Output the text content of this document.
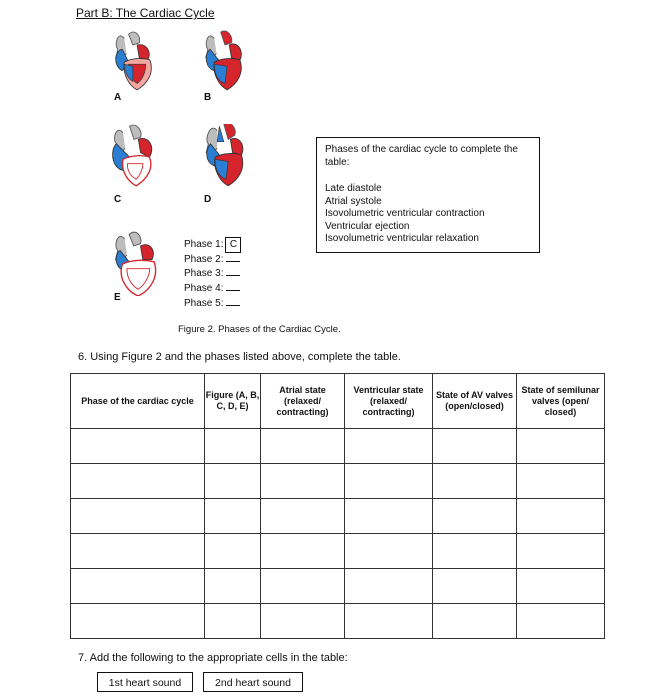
Part B: The Cardiac Cycle
A	B
C	D
E
Phase 1: C
Phase 2:
Phase 3:
Phase 4:
Phase 5:
Phases of the cardiac cycle to complete the table:
Late diastole
Atrial systole
Isovolumetric ventricular contraction
Ventricular ejection
Isovolumetric ventricular relaxation
Figure 2. Phases of the Cardiac Cycle.
6. Using Figure 2 and the phases listed above, complete the table.
Phase of the cardiac cycle	Figure (A, B, C, D, E)	Atrial state (relaxed/ contracting)	Ventricular state (relaxed/ contracting)	State of AV valves (open/closed)	State of semilunar valves (open/ closed)

7. Add the following to the appropriate cells in the table:
1st heart sound	2nd heart sound
